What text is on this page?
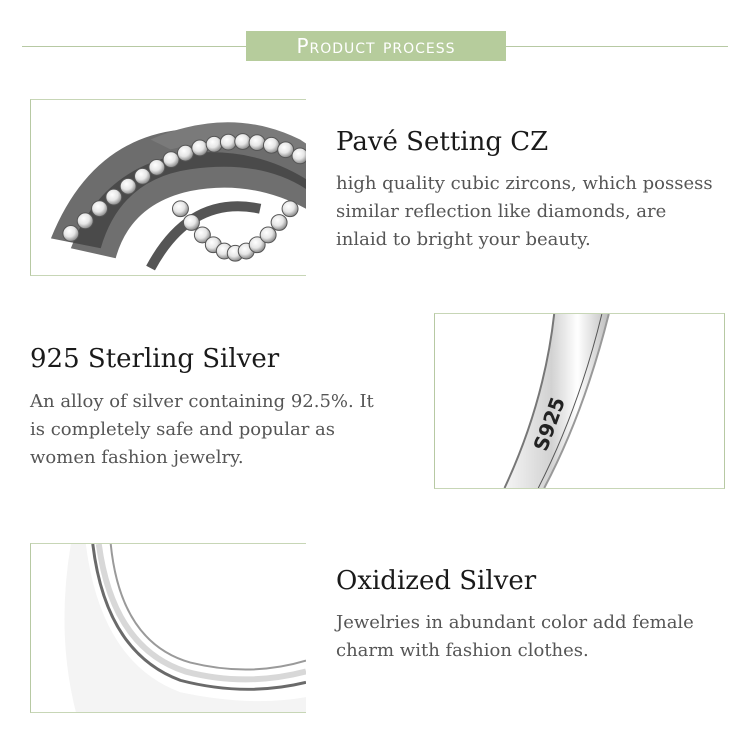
Product process
Pavé Setting CZ
high quality cubic zircons, which possess
similar reflection like diamonds, are
inlaid to bright your beauty.
925 Sterling Silver
An alloy of silver containing 92.5%. It
is completely safe and popular as
women fashion jewelry.
S925
Oxidized Silver
Jewelries in abundant color add female
charm with fashion clothes.
